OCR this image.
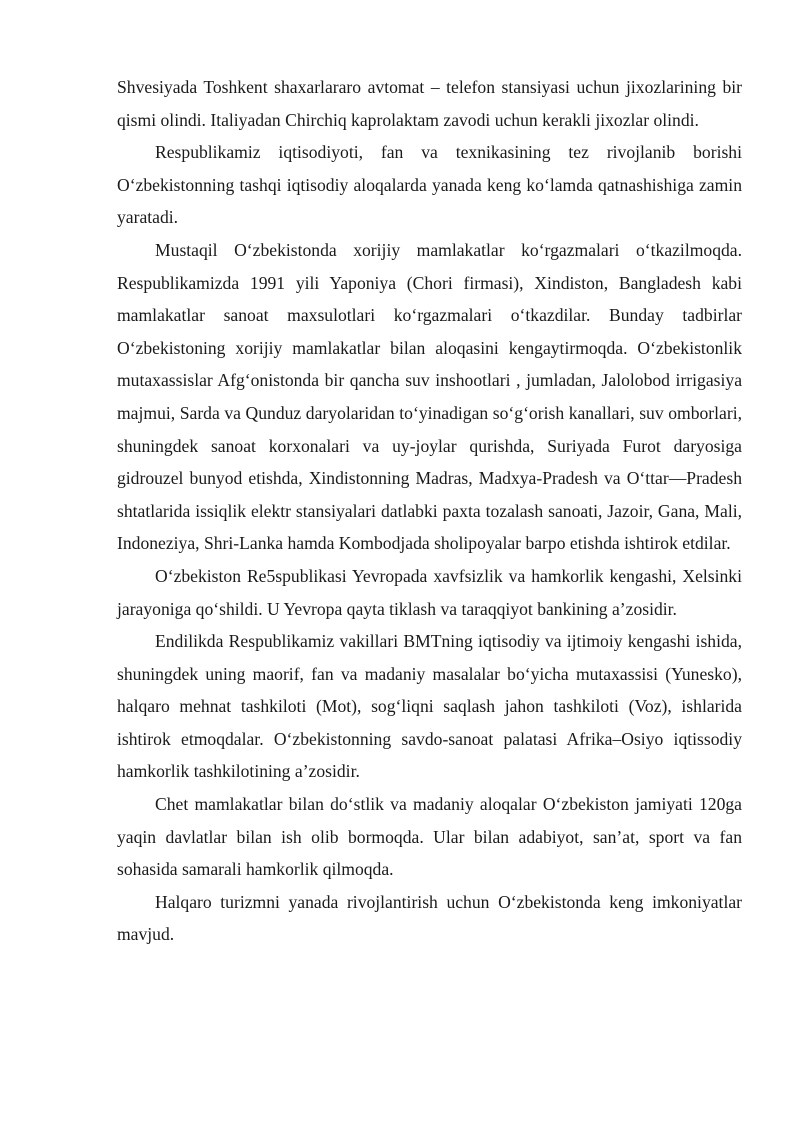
Shvesiyada Toshkent shaxarlararo avtomat – telefon stansiyasi uchun jixozlarining bir qismi olindi. Italiyadan Chirchiq kaprolaktam zavodi uchun kerakli jixozlar olindi.

Respublikamiz iqtisodiyoti, fan va texnikasining tez rivojlanib borishi O‘zbekistonning tashqi iqtisodiy aloqalarda yanada keng ko‘lamda qatnashishiga zamin yaratadi.

Mustaqil O‘zbekistonda xorijiy mamlakatlar ko‘rgazmalari o‘tkazilmoqda. Respublikamizda 1991 yili Yaponiya (Chori firmasi), Xindiston, Bangladesh kabi mamlakatlar sanoat maxsulotlari ko‘rgazmalari o‘tkazdilar. Bunday tadbirlar O‘zbekistoning xorijiy mamlakatlar bilan aloqasini kengaytirmoqda. O‘zbekistonlik mutaxassislar Afg‘onistonda bir qancha suv inshootlari , jumladan, Jalolobod irrigasiya majmui, Sarda va Qunduz daryolaridan to‘yinadigan so‘g‘orish kanallari, suv omborlari, shuningdek sanoat korxonalari va uy-joylar qurishda, Suriyada Furot daryosiga gidrouzel bunyod etishda, Xindistonning Madras, Madxya-Pradesh va O‘ttar—Pradesh shtatlarida issiqlik elektr stansiyalari datlabki paxta tozalash sanoati, Jazoir, Gana, Mali, Indoneziya, Shri-Lanka hamda Kombodjada sholipoyalar barpo etishda ishtirok etdilar.

O‘zbekiston Re5spublikasi Yevropada xavfsizlik va hamkorlik kengashi, Xelsinki jarayoniga qo‘shildi. U Yevropa qayta tiklash va taraqqiyot bankining a’zosidir.

Endilikda Respublikamiz vakillari BMTning iqtisodiy va ijtimoiy kengashi ishida, shuningdek uning maorif, fan va madaniy masalalar bo‘yicha mutaxassisi (Yunesko), halqaro mehnat tashkiloti (Mot), sog‘liqni saqlash jahon tashkiloti (Voz), ishlarida ishtirok etmoqdalar. O‘zbekistonning savdo-sanoat palatasi Afrika–Osiyo iqtissodiy hamkorlik tashkilotining a’zosidir.

Chet mamlakatlar bilan do‘stlik va madaniy aloqalar O‘zbekiston jamiyati 120ga yaqin davlatlar bilan ish olib bormoqda. Ular bilan adabiyot, san’at, sport va fan sohasida samarali hamkorlik qilmoqda.

Halqaro turizmni yanada rivojlantirish uchun O‘zbekistonda keng imkoniyatlar mavjud.
